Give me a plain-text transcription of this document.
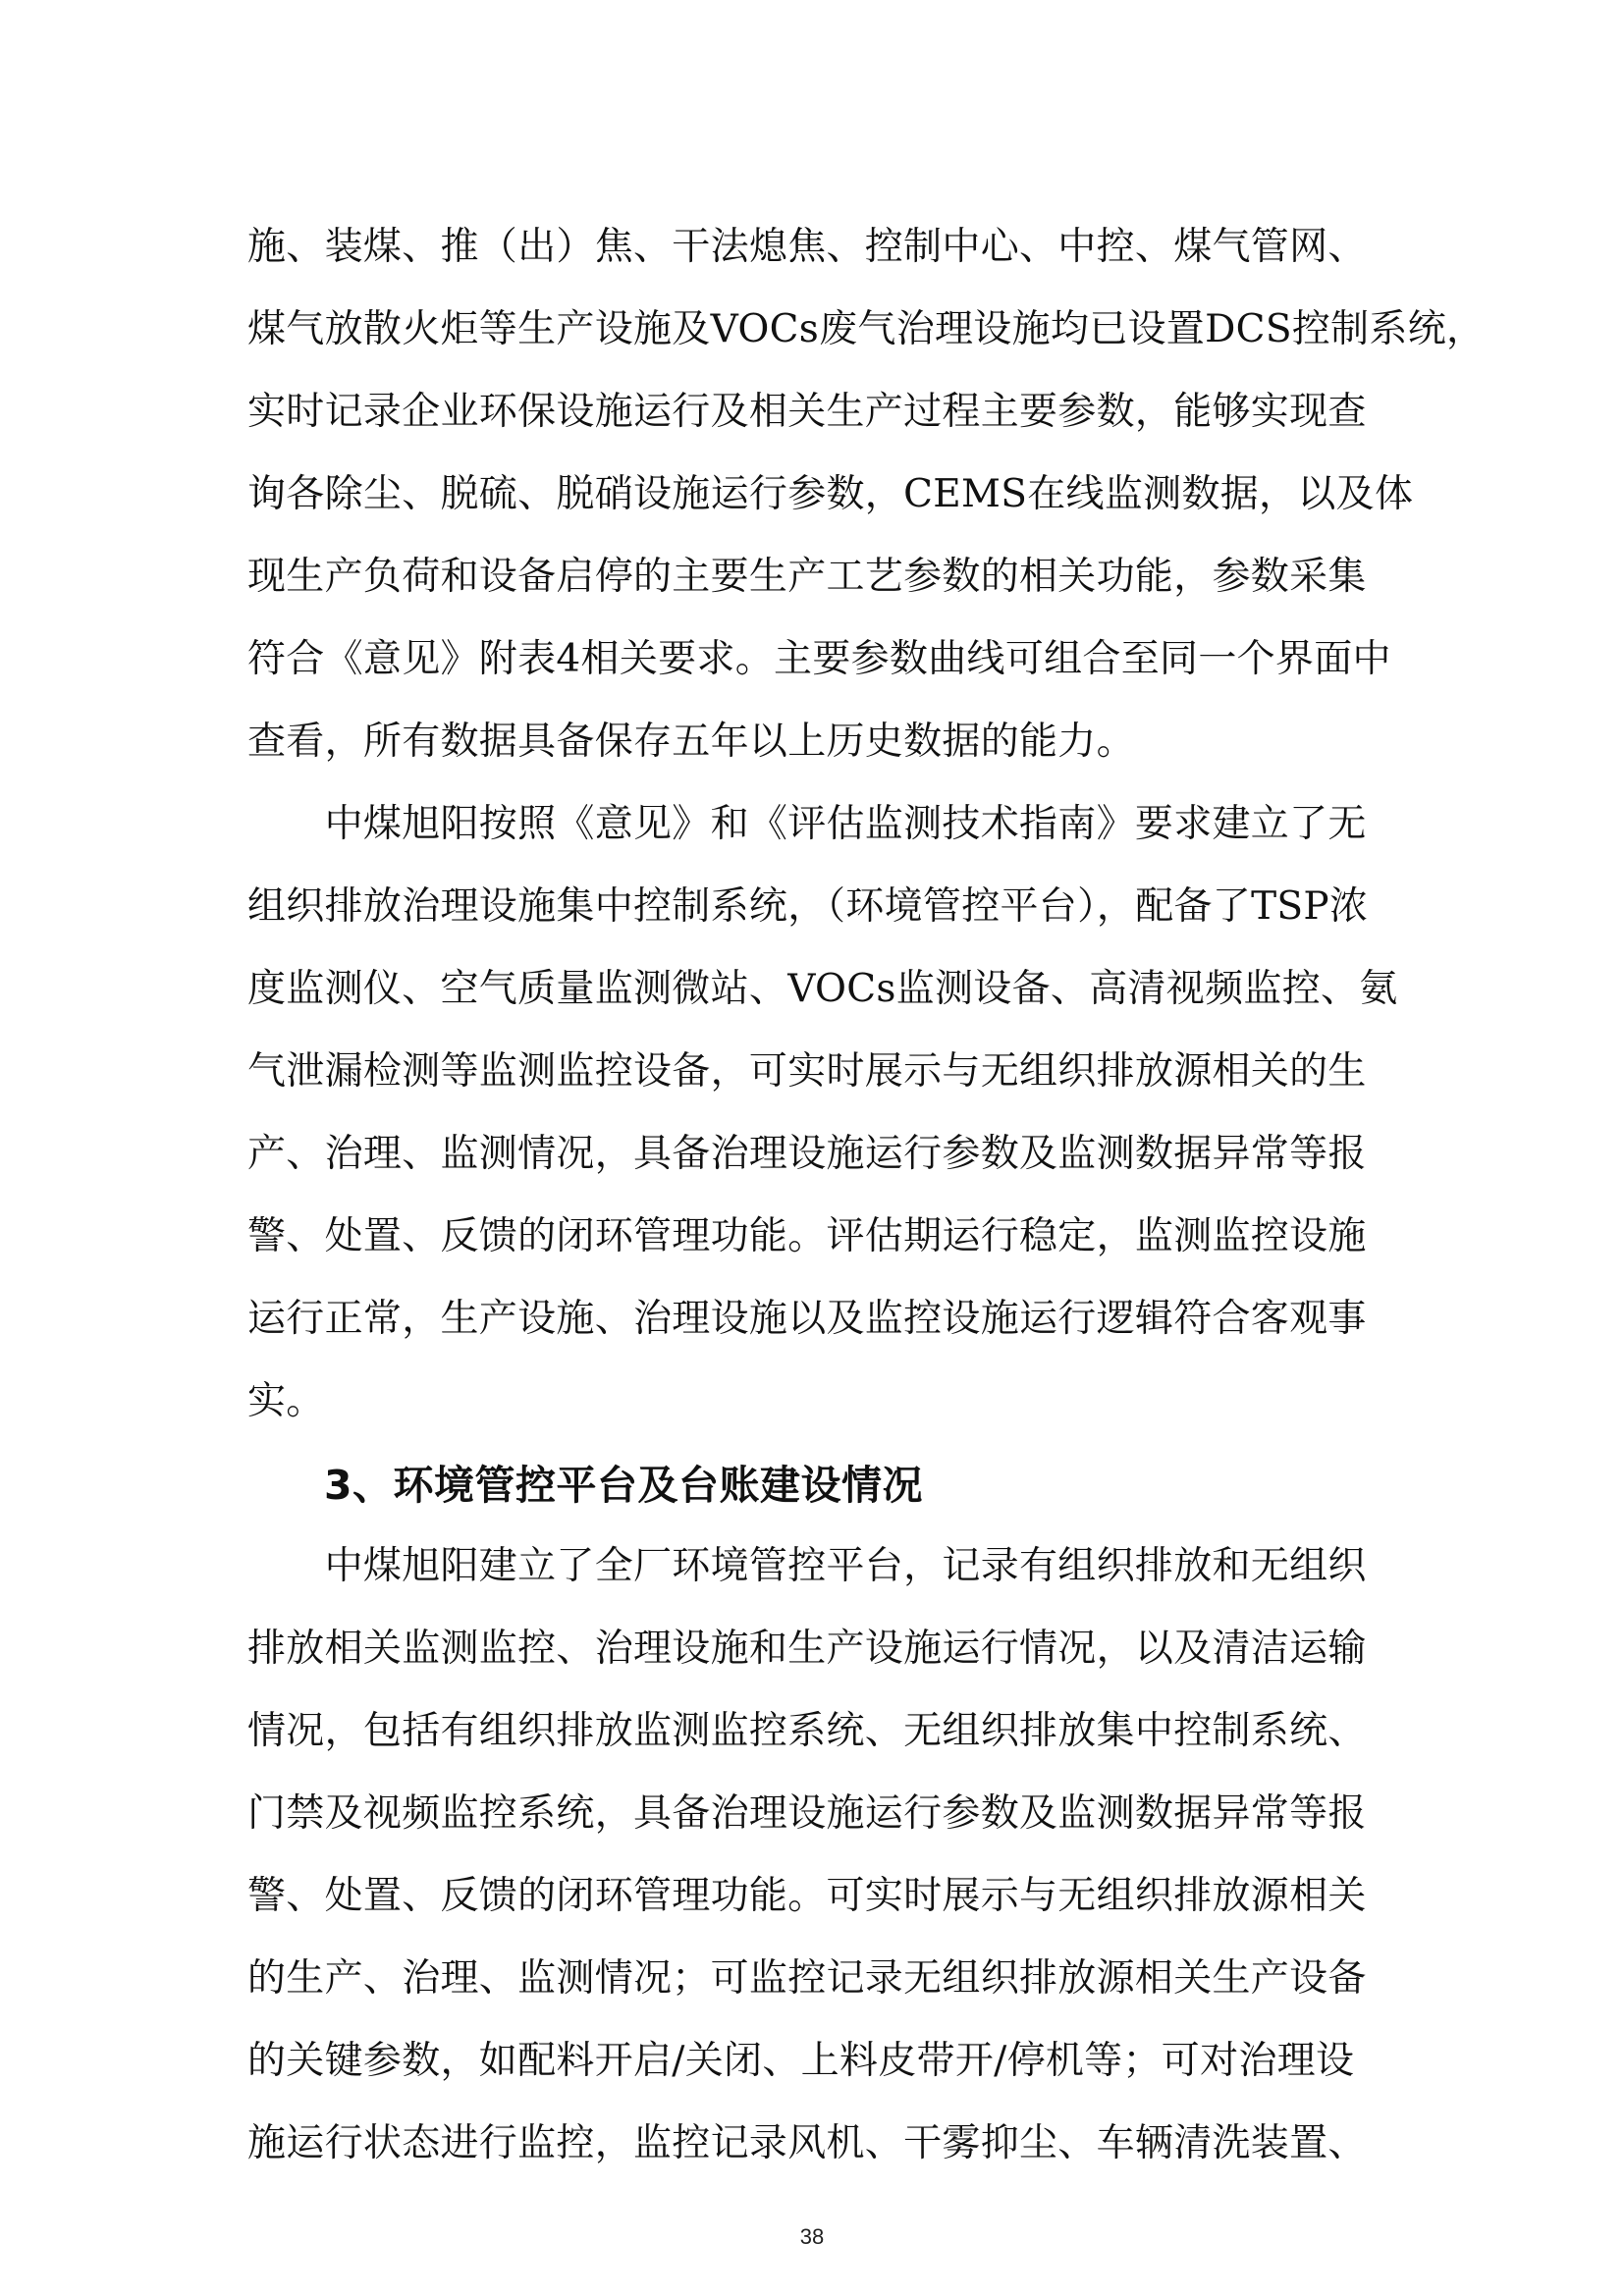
施、装煤、推（出）焦、干法熄焦、控制中心、中控、煤气管网、
煤气放散火炬等生产设施及VOCs废气治理设施均已设置DCS控制系统，
实时记录企业环保设施运行及相关生产过程主要参数，能够实现查
询各除尘、脱硫、脱硝设施运行参数，CEMS在线监测数据，以及体
现生产负荷和设备启停的主要生产工艺参数的相关功能，参数采集
符合《意见》附表4相关要求。主要参数曲线可组合至同一个界面中
查看，所有数据具备保存五年以上历史数据的能力。
　　中煤旭阳按照《意见》和《评估监测技术指南》要求建立了无
组织排放治理设施集中控制系统，（环境管控平台），配备了TSP浓
度监测仪、空气质量监测微站、VOCs监测设备、高清视频监控、氨
气泄漏检测等监测监控设备，可实时展示与无组织排放源相关的生
产、治理、监测情况，具备治理设施运行参数及监测数据异常等报
警、处置、反馈的闭环管理功能。评估期运行稳定，监测监控设施
运行正常，生产设施、治理设施以及监控设施运行逻辑符合客观事
实。
3、环境管控平台及台账建设情况
　　中煤旭阳建立了全厂环境管控平台，记录有组织排放和无组织
排放相关监测监控、治理设施和生产设施运行情况，以及清洁运输
情况，包括有组织排放监测监控系统、无组织排放集中控制系统、
门禁及视频监控系统，具备治理设施运行参数及监测数据异常等报
警、处置、反馈的闭环管理功能。可实时展示与无组织排放源相关
的生产、治理、监测情况；可监控记录无组织排放源相关生产设备
的关键参数，如配料开启/关闭、上料皮带开/停机等；可对治理设
施运行状态进行监控，监控记录风机、干雾抑尘、车辆清洗装置、
38
